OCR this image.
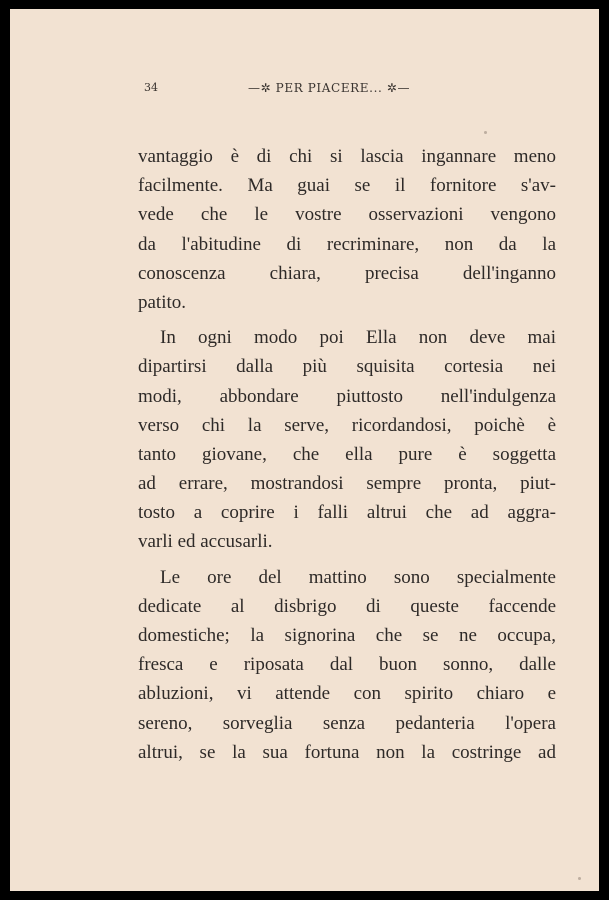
34	—✲ PER PIACERE... ✲—
vantaggio è di chi si lascia ingannare meno
facilmente. Ma guai se il fornitore s'av-
vede che le vostre osservazioni vengono
da l'abitudine di recriminare, non da la
conoscenza chiara, precisa dell'inganno
patito.
In ogni modo poi Ella non deve mai
dipartirsi dalla più squisita cortesia nei
modi, abbondare piuttosto nell'indulgenza
verso chi la serve, ricordandosi, poichè è
tanto giovane, che ella pure è soggetta
ad errare, mostrandosi sempre pronta, piut-
tosto a coprire i falli altrui che ad aggra-
varli ed accusarli.
Le ore del mattino sono specialmente
dedicate al disbrigo di queste faccende
domestiche; la signorina che se ne occupa,
fresca e riposata dal buon sonno, dalle
abluzioni, vi attende con spirito chiaro e
sereno, sorveglia senza pedanteria l'opera
altrui, se la sua fortuna non la costringe ad
